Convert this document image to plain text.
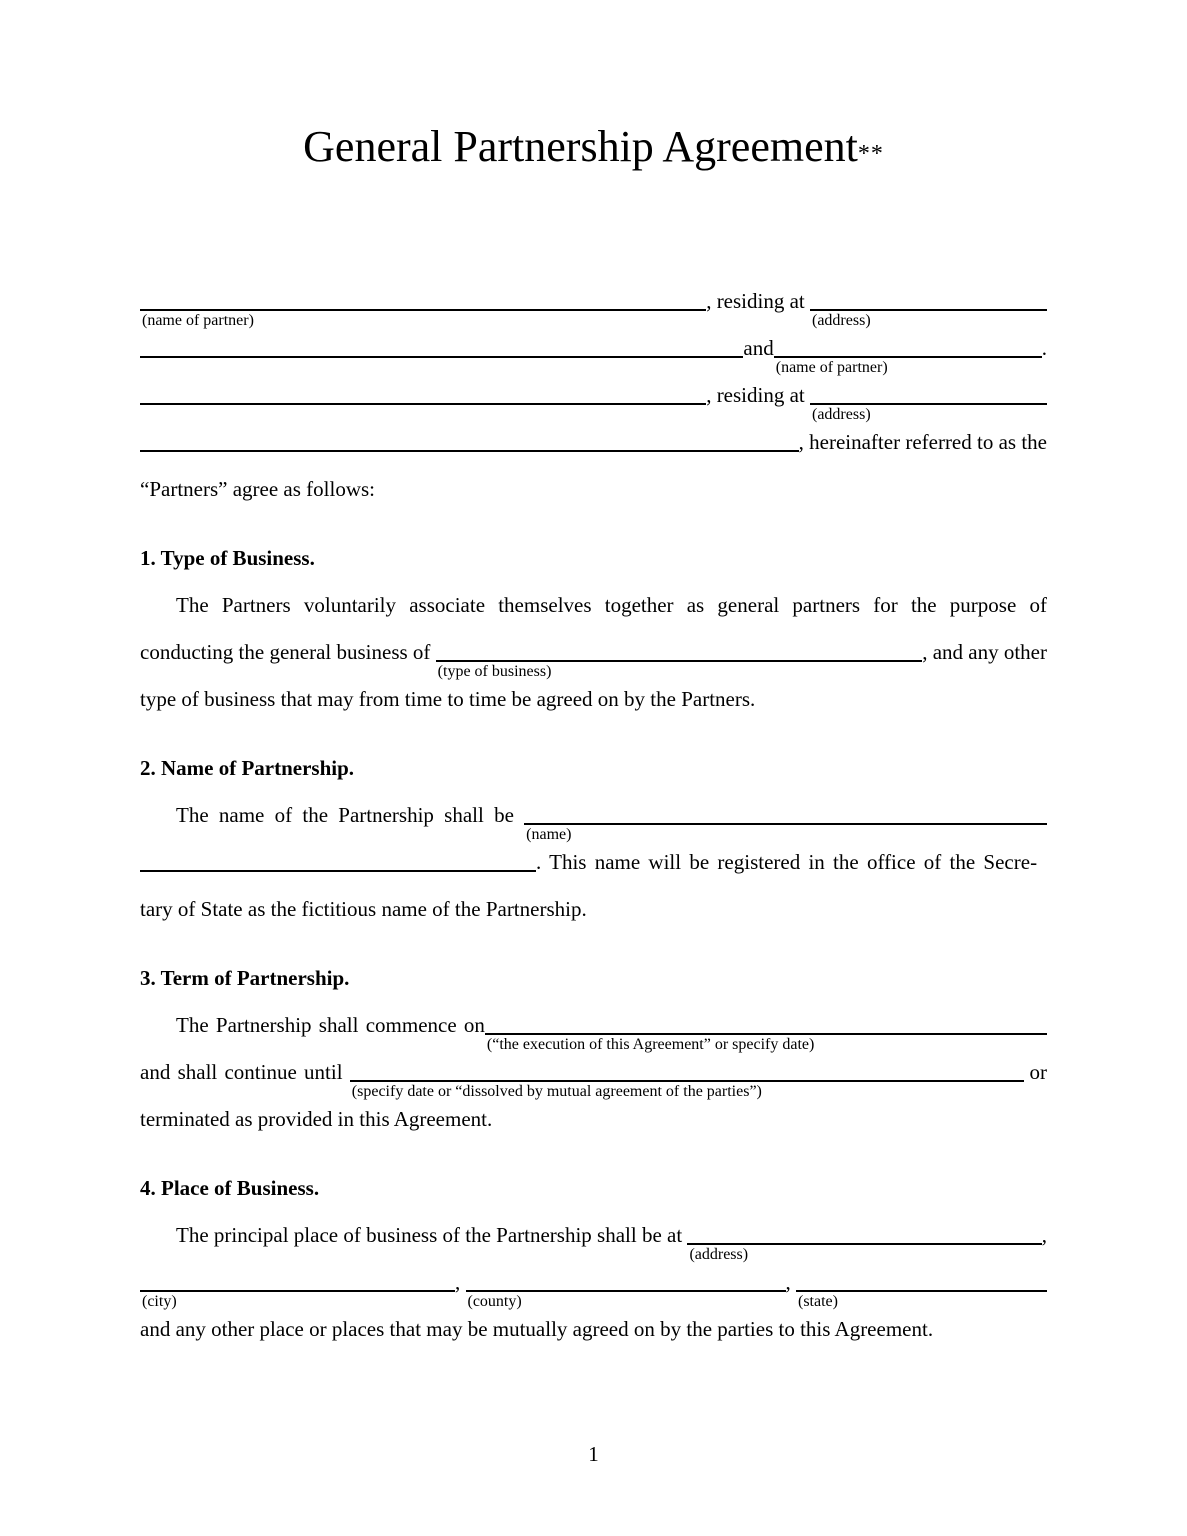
General Partnership Agreement**
(name of partner)
, residing at
(address)
and
(name of partner)
.
, residing at
(address)
, hereinafter referred to as the
“Partners” agree as follows:
1. Type of Business.
The Partners voluntarily associate themselves together as general partners for the purpose of
conducting the general business of
(type of business)
, and any other
type of business that may from time to time be agreed on by the Partners.
2. Name of Partnership.
The name of the Partnership shall be
(name)
. This name will be registered in the office of the Secre-
tary of State as the fictitious name of the Partnership.
3. Term of Partnership.
The Partnership shall commence on
(“the execution of this Agreement” or specify date)
and shall continue until
(specify date or “dissolved by mutual agreement of the parties”)
or
terminated as provided in this Agreement.
4. Place of Business.
The principal place of business of the Partnership shall be at
(address)
,
(city)
,
(county)
,
(state)
and any other place or places that may be mutually agreed on by the parties to this Agreement.
1
